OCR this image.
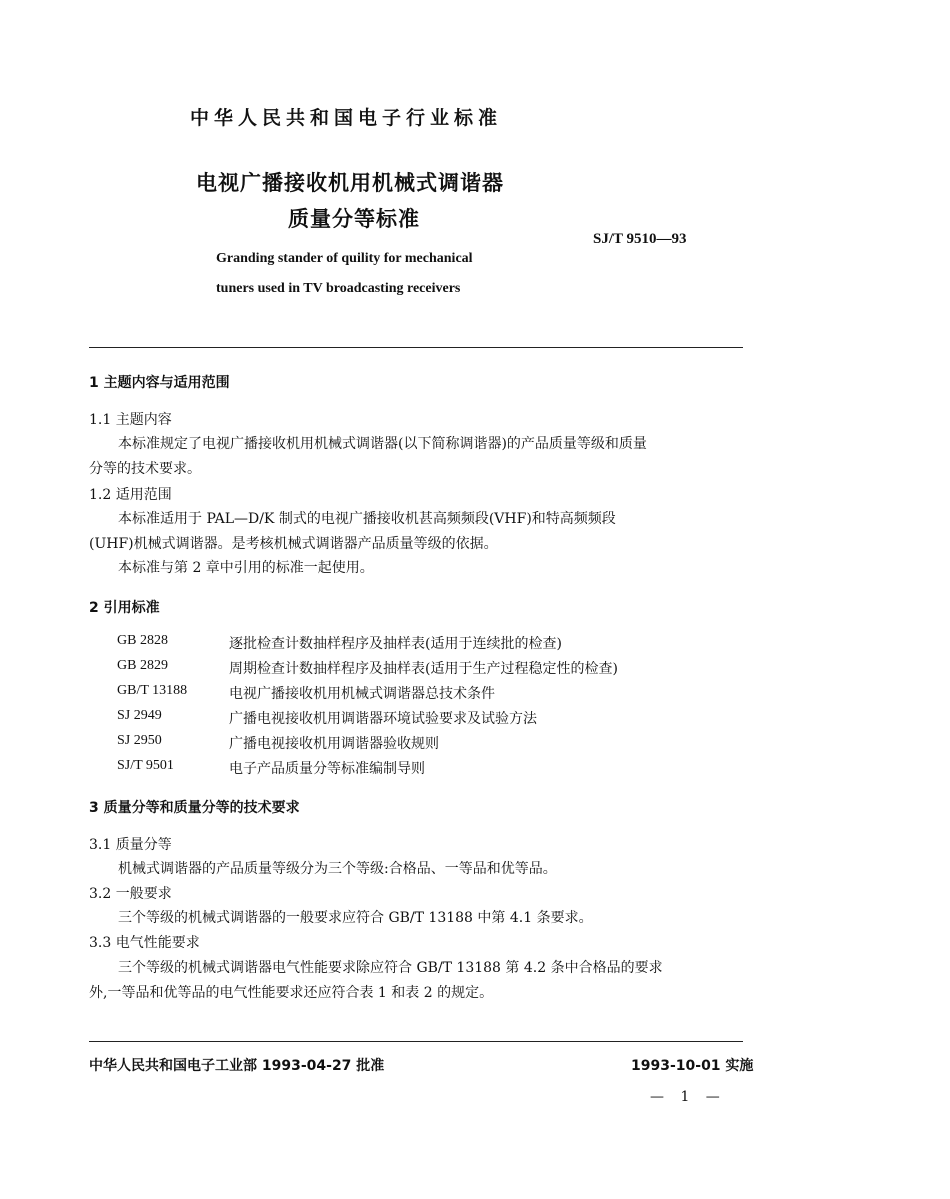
中华人民共和国电子行业标准
电视广播接收机用机械式调谐器
质量分等标准
SJ/T 9510—93
Granding stander of quility for mechanical
tuners used in TV broadcasting receivers
1 主题内容与适用范围
1.1 主题内容
本标准规定了电视广播接收机用机械式调谐器(以下简称调谐器)的产品质量等级和质量
分等的技术要求。
1.2 适用范围
本标准适用于 PAL—D/K 制式的电视广播接收机甚高频频段(VHF)和特高频频段
(UHF)机械式调谐器。是考核机械式调谐器产品质量等级的依据。
本标准与第 2 章中引用的标准一起使用。
2 引用标准
GB 2828	逐批检查计数抽样程序及抽样表(适用于连续批的检查)
GB 2829	周期检查计数抽样程序及抽样表(适用于生产过程稳定性的检查)
GB/T 13188	电视广播接收机用机械式调谐器总技术条件
SJ 2949	广播电视接收机用调谐器环境试验要求及试验方法
SJ 2950	广播电视接收机用调谐器验收规则
SJ/T 9501	电子产品质量分等标准编制导则
3 质量分等和质量分等的技术要求
3.1 质量分等
机械式调谐器的产品质量等级分为三个等级:合格品、一等品和优等品。
3.2 一般要求
三个等级的机械式调谐器的一般要求应符合 GB/T 13188 中第 4.1 条要求。
3.3 电气性能要求
三个等级的机械式调谐器电气性能要求除应符合 GB/T 13188 第 4.2 条中合格品的要求
外,一等品和优等品的电气性能要求还应符合表 1 和表 2 的规定。
中华人民共和国电子工业部 1993-04-27 批准	1993-10-01 实施
— 1 —
